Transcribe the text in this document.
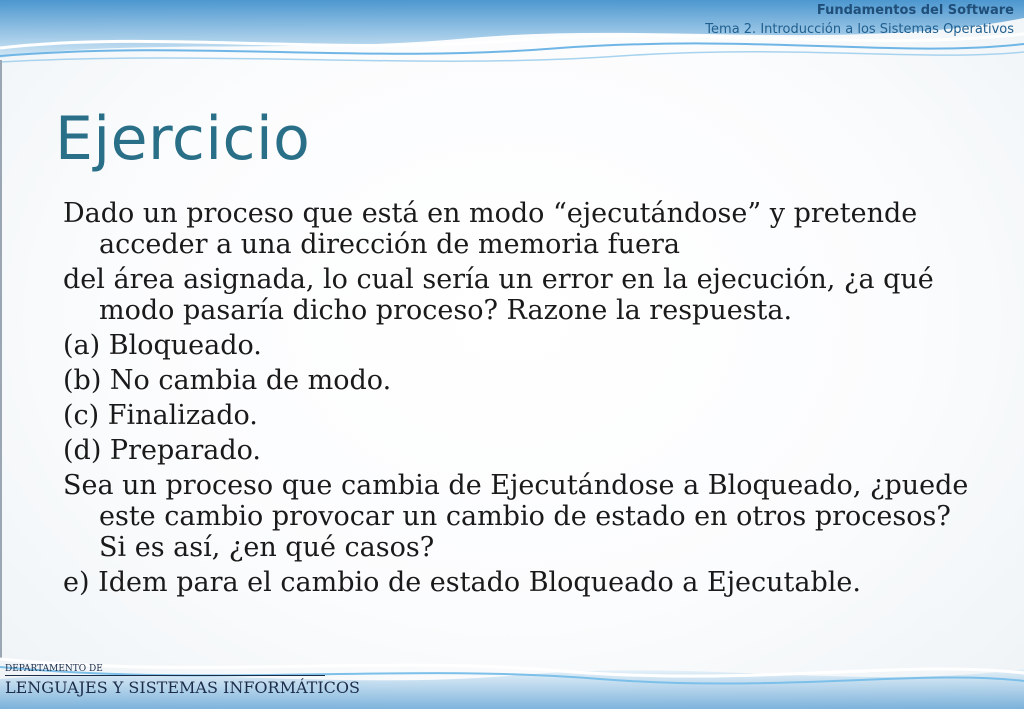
Fundamentos del Software
Tema 2. Introducción a los Sistemas Operativos
Ejercicio

Dado un proceso que está en modo “ejecutándose” y pretende acceder a una dirección de memoria fuera

del área asignada, lo cual sería un error en la ejecución, ¿a qué modo pasaría dicho proceso? Razone la respuesta.

(a) Bloqueado.

(b) No cambia de modo.

(c) Finalizado.

(d) Preparado.

Sea un proceso que cambia de Ejecutándose a Bloqueado, ¿puede este cambio provocar un cambio de estado en otros procesos? Si es así, ¿en qué casos?

e) Idem para el cambio de estado Bloqueado a Ejecutable.

DEPARTAMENTO DE
LENGUAJES Y SISTEMAS INFORMÁTICOS
